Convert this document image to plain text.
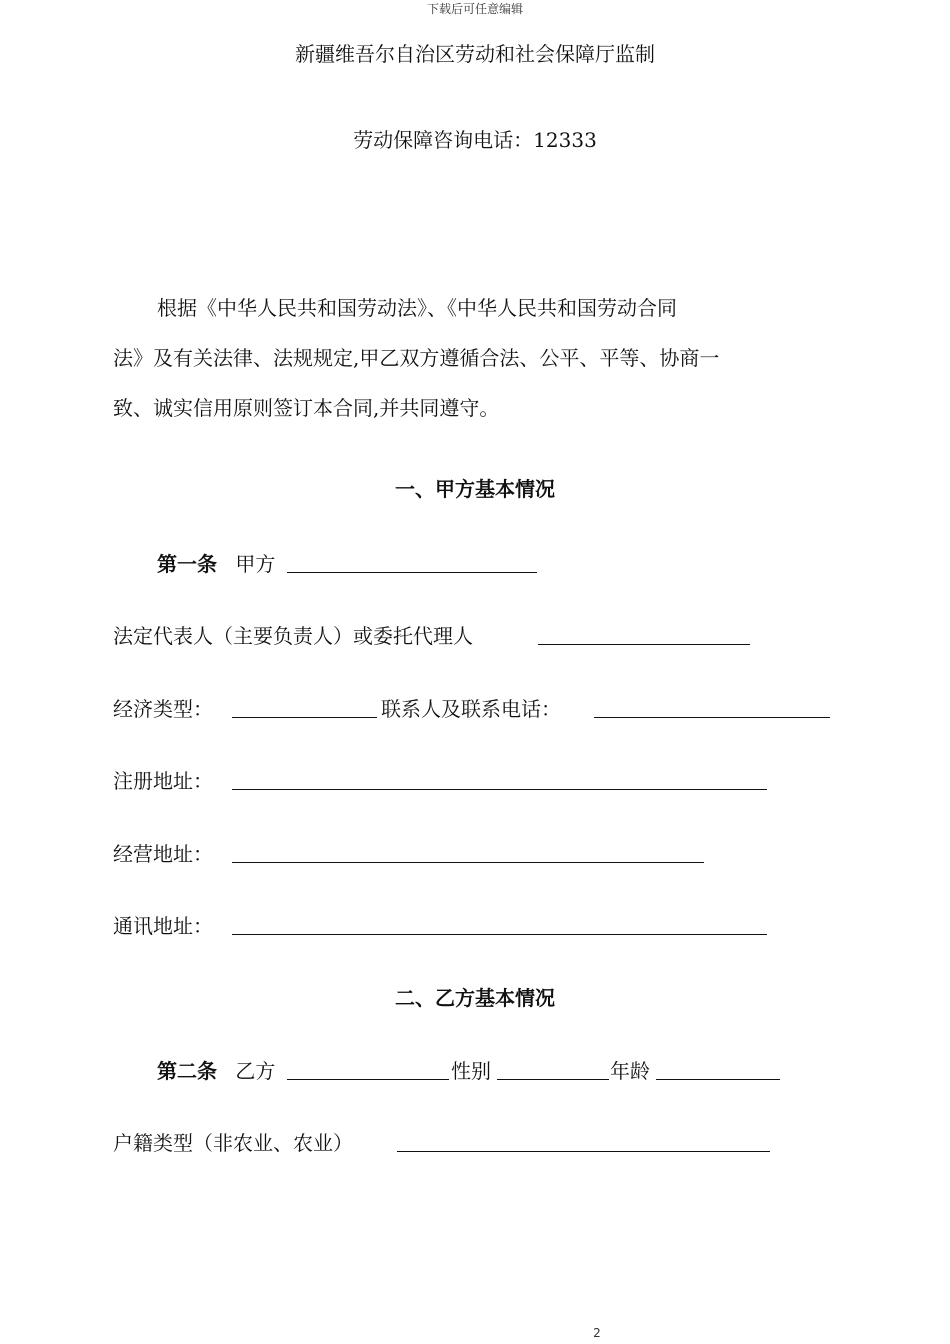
下载后可任意编辑
新疆维吾尔自治区劳动和社会保障厅监制
劳动保障咨询电话：12333

根据《中华人民共和国劳动法》、《中华人民共和国劳动合同

法》及有关法律、法规规定,甲乙双方遵循合法、公平、平等、协商一

致、诚实信用原则签订本合同,并共同遵守。

一、甲方基本情况
第一条 甲方
法定代表人（主要负责人）或委托代理人
经济类型：	联系人及联系电话：
注册地址：
经营地址：
通讯地址：
二、乙方基本情况
第二条 乙方	性别	年龄
户籍类型（非农业、农业）
2
